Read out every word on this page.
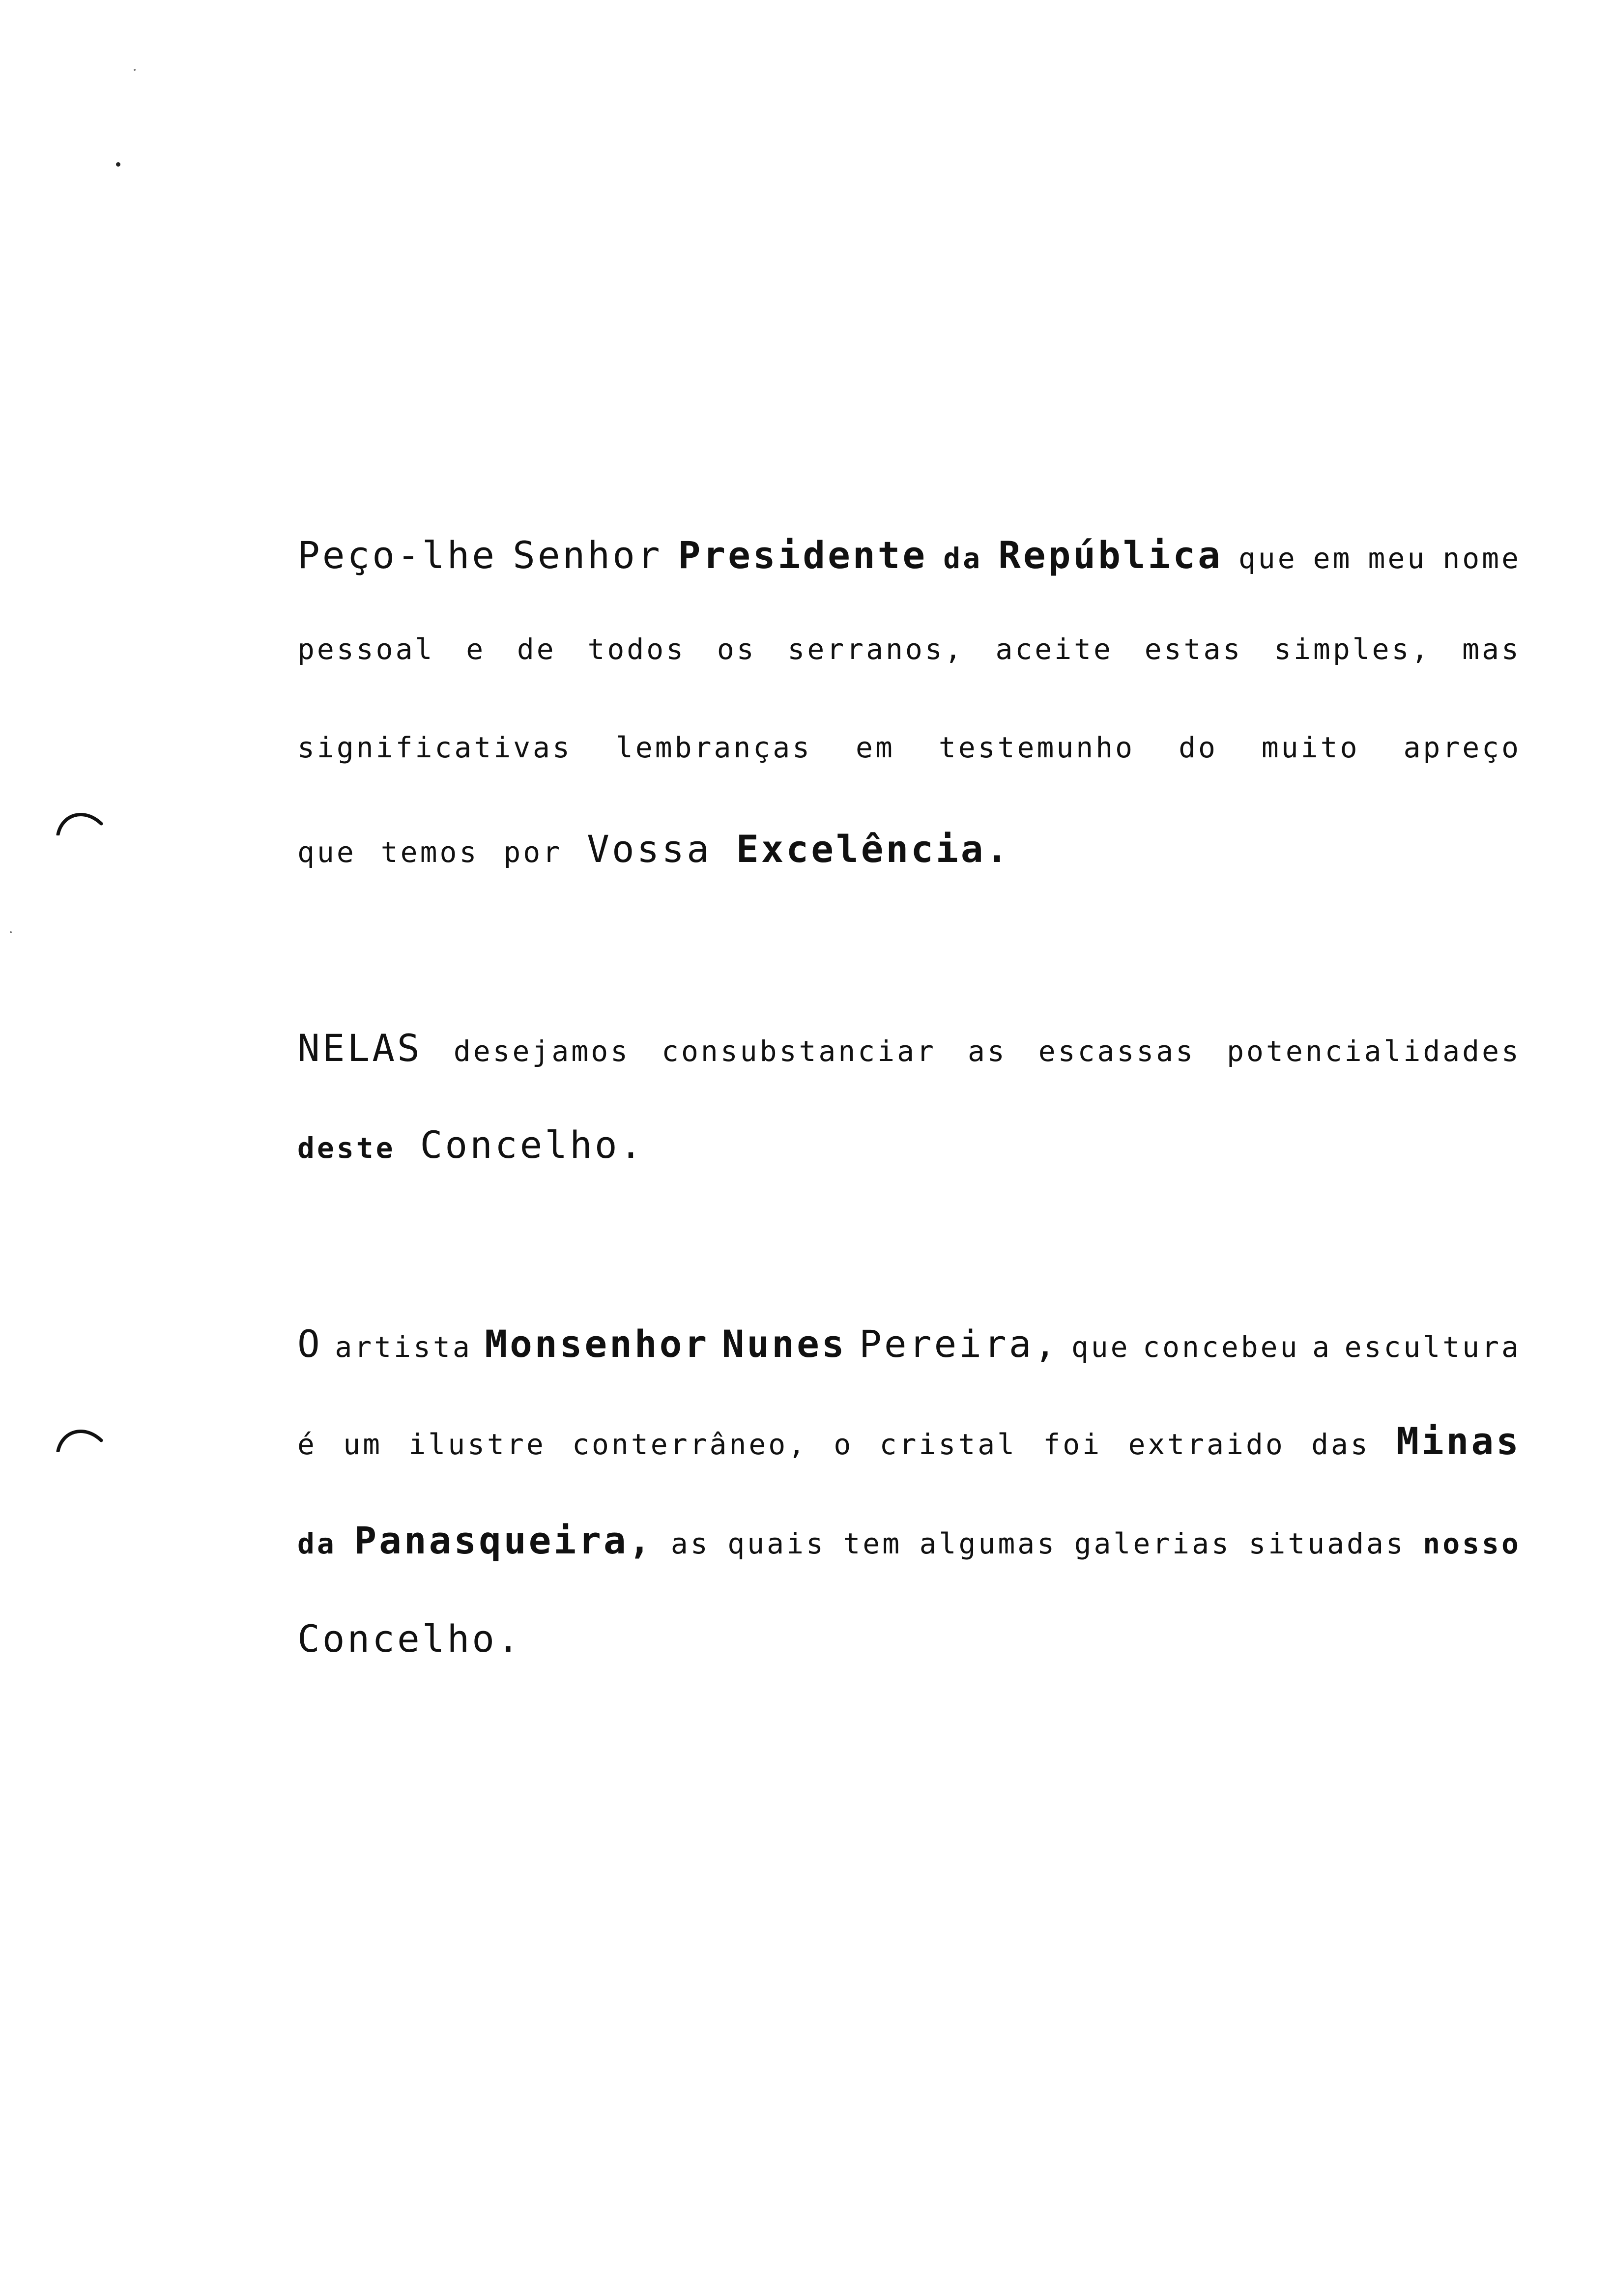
Peço-lhe Senhor Presidente da República que em meu nome
pessoal e de todos os serranos, aceite estas simples, mas
significativas lembranças em testemunho do muito apreço
que temos por Vossa Excelência.
NELAS desejamos consubstanciar as escassas potencialidades
deste Concelho.
O artista Monsenhor Nunes Pereira, que concebeu a escultura
é um ilustre conterrâneo, o cristal foi extraido das Minas
da Panasqueira, as quais tem algumas galerias situadas nosso
Concelho.
